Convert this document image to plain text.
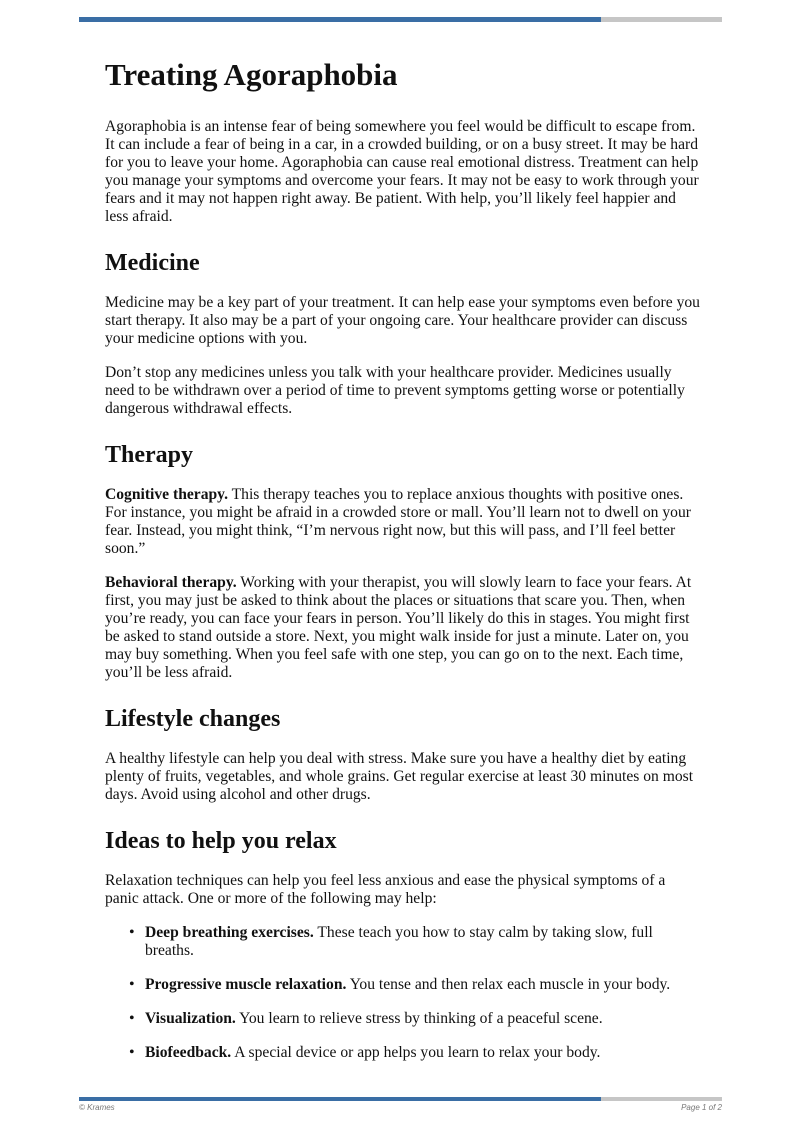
Treating Agoraphobia

Agoraphobia is an intense fear of being somewhere you feel would be difficult to escape from. It can include a fear of being in a car, in a crowded building, or on a busy street. It may be hard for you to leave your home. Agoraphobia can cause real emotional distress. Treatment can help you manage your symptoms and overcome your fears. It may not be easy to work through your fears and it may not happen right away. Be patient. With help, you’ll likely feel happier and less afraid.

Medicine

Medicine may be a key part of your treatment. It can help ease your symptoms even before you start therapy. It also may be a part of your ongoing care. Your healthcare provider can discuss your medicine options with you.

Don’t stop any medicines unless you talk with your healthcare provider. Medicines usually need to be withdrawn over a period of time to prevent symptoms getting worse or potentially dangerous withdrawal effects.

Therapy

Cognitive therapy. This therapy teaches you to replace anxious thoughts with positive ones. For instance, you might be afraid in a crowded store or mall. You’ll learn not to dwell on your fear. Instead, you might think, “I’m nervous right now, but this will pass, and I’ll feel better soon.”

Behavioral therapy. Working with your therapist, you will slowly learn to face your fears. At first, you may just be asked to think about the places or situations that scare you. Then, when you’re ready, you can face your fears in person. You’ll likely do this in stages. You might first be asked to stand outside a store. Next, you might walk inside for just a minute. Later on, you may buy something. When you feel safe with one step, you can go on to the next. Each time, you’ll be less afraid.

Lifestyle changes

A healthy lifestyle can help you deal with stress. Make sure you have a healthy diet by eating plenty of fruits, vegetables, and whole grains. Get regular exercise at least 30 minutes on most days. Avoid using alcohol and other drugs.

Ideas to help you relax

Relaxation techniques can help you feel less anxious and ease the physical symptoms of a panic attack. One or more of the following may help:

• Deep breathing exercises. These teach you how to stay calm by taking slow, full breaths.
• Progressive muscle relaxation. You tense and then relax each muscle in your body.
• Visualization. You learn to relieve stress by thinking of a peaceful scene.
• Biofeedback. A special device or app helps you learn to relax your body.
© Krames	Page 1 of 2
